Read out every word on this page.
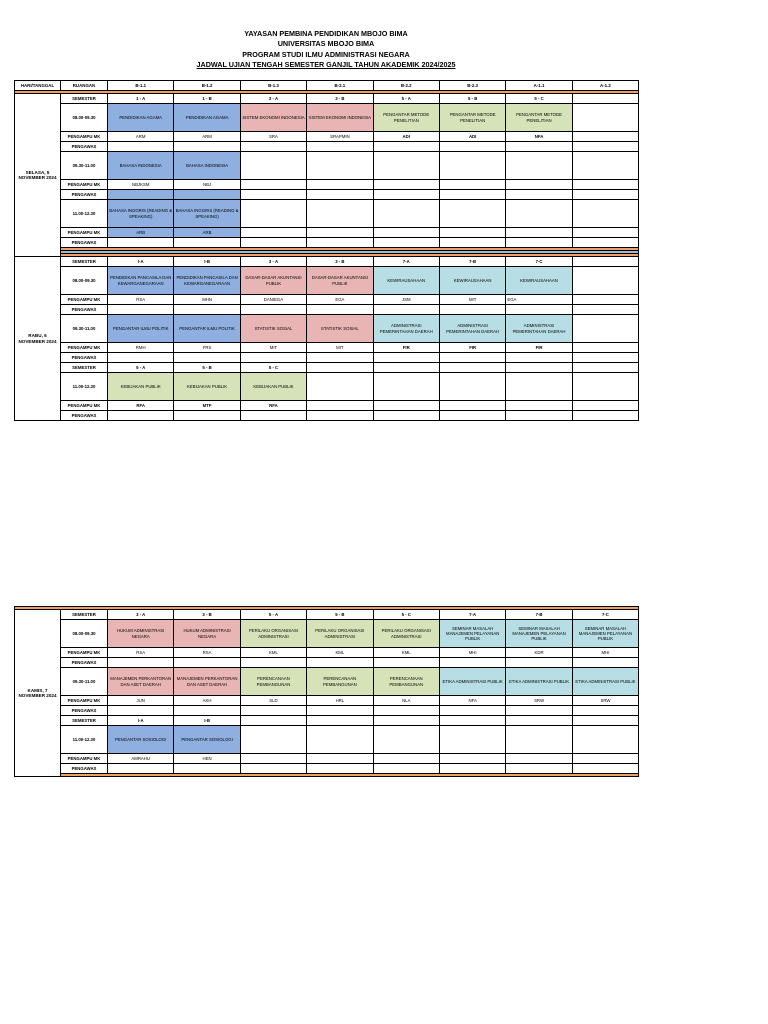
YAYASAN PEMBINA PENDIDIKAN MBOJO BIMA
UNIVERSITAS MBOJO BIMA
PROGRAM STUDI ILMU ADMINISTRASI NEGARA
JADWAL UJIAN TENGAH SEMESTER GANJIL TAHUN AKADEMIK 2024/2025
HARI/TANGGAL	RUANGAN	B-1.1	B-1.2	B-1.3	B-2.1	B-2.2	B-2.3	A-1.1	A-1.2

SELASA, 5 NOVEMBER 2024	SEMESTER	1 - A	1 - B	3 - A	3 - B	5 - A	5 - B	5 - C	
	08.00-09.30	PENDIDIKAN AGAMA	PENDIDIKAN AGAMA	SISTEM EKONOMI INDONESIA	SISTEM EKONOMI INDONESIA	PENGANTAR METODE PENELITIAN	PENGANTAR METODE PENELITIAN	PENGANTAR METODE PENELITIAN	
	PENGAMPU MK	ARM	ARM	SRA	SRAPMIN	ADI	ADI	NFA	
	PENGAWAS								
	09.30-11.00	BAHASA INDONESIA	BAHASA INDONESIA						
	PENGAMPU MK	NBJKSM	NBJ						
	PENGAWAS								
	11.00-12.30	BAHASA INGGRIS (READING & SPEAKING)	BAHASA INGGRIS (READING & SPEAKING)						
	PENGAMPU MK	ARB	ARB						
	PENGAWAS								

RABU, 6 NOVEMBER 2024	SEMESTER	I-A	I-B	3 - A	3 - B	7-A	7-B	7-C	
	08.00-09.30	PENDIDIKAN PANCASILA DAN KEWARGANEGARAAN	PENDIDIKAN PANCASILA DAN KEWARGANEGARAAN	DASAR-DASAR AKUNTANSI PUBLIK	DASAR-DASAR AKUNTANSI PUBLIK	KEWIRAUSAHAAN	KEWIRAUSAHAAN	KEWIRAUSAHAAN	
	PENGAMPU MK	RSA	MHN	DANIEGA	EGA	JSM	MIT	EGA	
	PENGAWAS								
	09.30-11.00	PENGANTAR ILMU POLITIK	PENGANTAR ILMU POLITIK	STATISTIK SOSIAL	STATISTIK SOSIAL	ADMINISTRASI PEMERINTAHAN DAERAH	ADMINISTRASI PEMERINTAHAN DAERAH	ADMINISTRASI PEMERINTAHAN DAERAH	
	PENGAMPU MK	RMH	FRS	MIT	MIT	FIR	FIR	FIR	
	PENGAWAS								
	SEMESTER	5 - A	5 - B	5 - C					
	11.00-12.30	KEBIJAKAN PUBLIK	KEBIJAKAN PUBLIK	KEBIJAKAN PUBLIK					
	PENGAMPU MK	RFA	MTF	RFA					
	PENGAWAS								

KAMIS, 7 NOVEMBER 2024	SEMESTER	3 - A	3 - B	5 - A	5 - B	5 - C	7-A	7-B	7-C
	08.00-09.30	HUKUM ADMINISTRASI NEGARA	HUKUM ADMINISTRASI NEGARA	PERILAKU ORGANISASI ADMINISTRASI	PERILAKU ORGANISASI ADMINISTRASI	PERILAKU ORGANISASI ADMINISTRASI	SEMINAR MASALAH MANAJEMEN PELAYANAN PUBLIK	SEMINAR MASALAH MANAJEMEN PELAYANAN PUBLIK	SEMINAR MASALAH MANAJEMEN PELAYANAN PUBLIK
	PENGAMPU MK	RSA	RSA	KML	KML	KML	MHI	KDR	MHI
	PENGAWAS								
	09.30-11.00	MANAJEMEN PERKANTORAN DAN ASET DAERAH	MANAJEMEN PERKANTORAN DAN ASET DAERAH	PERENCANAAN PEMBANGUNAN	PERENCANAAN PEMBANGUNAN	PERENCANAAN PEMBANGUNAN	ETIKA ADMINISTRASI PUBLIK	ETIKA ADMINISTRASI PUBLIK	ETIKA ADMINISTRASI PUBLIK
	PENGAMPU MK	JUN	AKH	SLD	HRL	NLA	NFA	SRW	SRW
	PENGAWAS								
	SEMESTER	I-A	I-B						
	11.00-12.30	PENGANTAR SOSIOLOGI	PENGANTAR SOSIOLOGI						
	PENGAMPU MK	AMRAHU	HEN						
	PENGAWAS								
